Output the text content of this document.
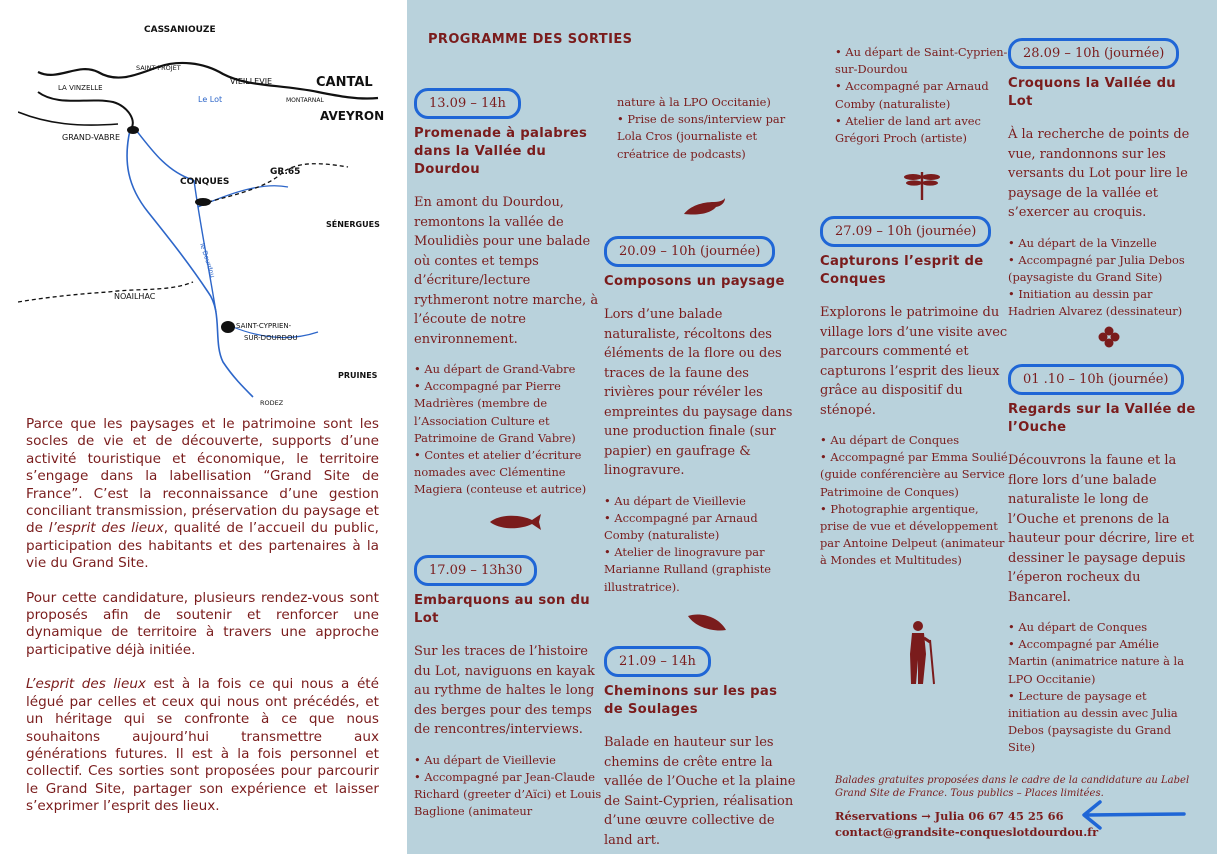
CASSANIOUZE
SAINT-PROJET
LA VINZELLE
VIEILLEVIE	CANTAL
AVEYRON
Le Lot	MONTARNAL
GRAND-VABRE
CONQUES
GR.65
SÉNERGUES
le Dourdou
NOAILHAC
SAINT-CYPRIEN-
SUR-DOURDOU
PRUINES
RODEZ

Parce que les paysages et le patrimoine sont les socles de vie et de découverte, supports d’une activité touristique et économique, le territoire s’engage dans la labellisation “Grand Site de France”. C’est la reconnaissance d’une gestion conciliant transmission, préservation du paysage et de l’esprit des lieux, qualité de l’accueil du public, participation des habitants et des partenaires à la vie du Grand Site.

Pour cette candidature, plusieurs rendez-vous sont proposés afin de soutenir et renforcer une dynamique de territoire à travers une approche participative déjà initiée.

L’esprit des lieux est à la fois ce qui nous a été légué par celles et ceux qui nous ont précédés, et un héritage qui se confronte à ce que nous souhaitons aujourd’hui transmettre aux générations futures. Il est à la fois personnel et collectif. Ces sorties sont proposées pour parcourir le Grand Site, partager son expérience et laisser s’exprimer l’esprit des lieux.

PROGRAMME DES SORTIES
13.09 – 14h
Promenade à palabres dans la Vallée du Dourdou
En amont du Dourdou, remontons la vallée de Moulidiès pour une balade où contes et temps d’écriture/lecture rythmeront notre marche, à l’écoute de notre environnement.
• Au départ de Grand-Vabre
• Accompagné par Pierre Madrières (membre de l’Association Culture et Patrimoine de Grand Vabre)
• Contes et atelier d’écriture nomades avec Clémentine Magiera (conteuse et autrice)
17.09 – 13h30
Embarquons au son du Lot
Sur les traces de l’histoire du Lot, naviguons en kayak au rythme de haltes le long des berges pour des temps de rencontres/interviews.
• Au départ de Vieillevie
• Accompagné par Jean-Claude Richard (greeter d’Aïci) et Louis Baglione (animateur
nature à la LPO Occitanie)
• Prise de sons/interview par Lola Cros (journaliste et créatrice de podcasts)
20.09 – 10h (journée)
Composons un paysage
Lors d’une balade naturaliste, récoltons des éléments de la flore ou des traces de la faune des rivières pour révéler les empreintes du paysage dans une production finale (sur papier) en gaufrage & linogravure.
• Au départ de Vieillevie
• Accompagné par Arnaud Comby (naturaliste)
• Atelier de linogravure par Marianne Rulland (graphiste illustratrice).
21.09 – 14h
Cheminons sur les pas de Soulages
Balade en hauteur sur les chemins de crête entre la vallée de l’Ouche et la plaine de Saint-Cyprien, réalisation d’une œuvre collective de land art.
• Au départ de Saint-Cyprien-sur-Dourdou
• Accompagné par Arnaud Comby (naturaliste)
• Atelier de land art avec Grégori Proch (artiste)
27.09 – 10h (journée)
Capturons l’esprit de Conques
Explorons le patrimoine du village lors d’une visite avec parcours commenté et capturons l’esprit des lieux grâce au dispositif du sténopé.
• Au départ de Conques
• Accompagné par Emma Soulié (guide conférencière au Service Patrimoine de Conques)
• Photographie argentique, prise de vue et développement par Antoine Delpeut (animateur à Mondes et Multitudes)
28.09 – 10h (journée)
Croquons la Vallée du Lot
À la recherche de points de vue, randonnons sur les versants du Lot pour lire le paysage de la vallée et s’exercer au croquis.
• Au départ de la Vinzelle
• Accompagné par Julia Debos (paysagiste du Grand Site)
• Initiation au dessin par Hadrien Alvarez (dessinateur)
01 .10 – 10h (journée)
Regards sur la Vallée de l’Ouche
Découvrons la faune et la flore lors d’une balade naturaliste le long de l’Ouche et prenons de la hauteur pour décrire, lire et dessiner le paysage depuis l’éperon rocheux du Bancarel.
• Au départ de Conques
• Accompagné par Amélie Martin (animatrice nature à la LPO Occitanie)
• Lecture de paysage et initiation au dessin avec Julia Debos (paysagiste du Grand Site)
Balades gratuites proposées dans le cadre de la candidature au Label Grand Site de France. Tous publics – Places limitées.
Réservations → Julia 06 67 45 25 66
contact@grandsite-conqueslotdourdou.fr
